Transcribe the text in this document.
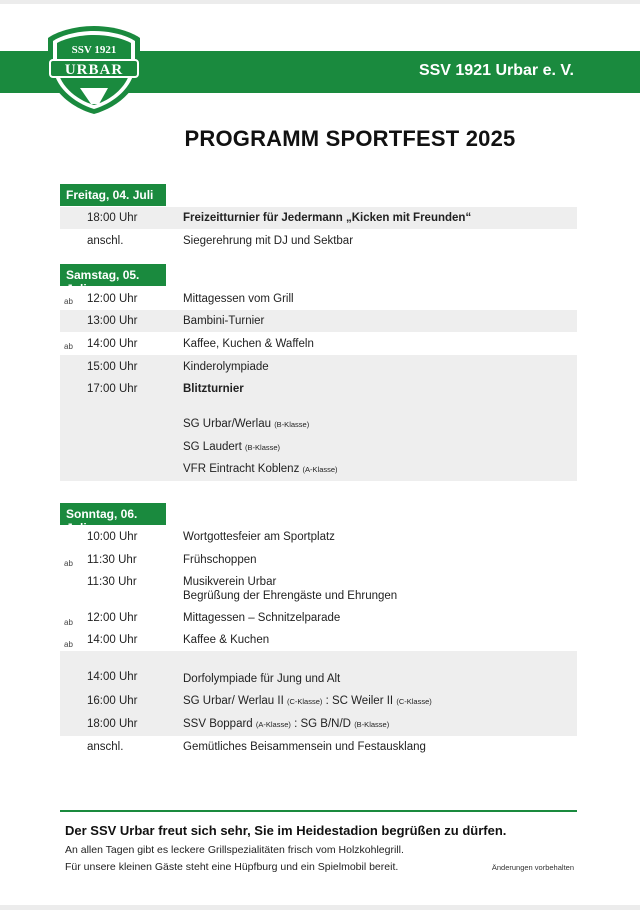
SSV 1921 Urbar e. V.
SSV 1921
URBAR
PROGRAMM SPORTFEST 2025
Freitag, 04. Juli
18:00 Uhr	Freizeitturnier für Jedermann „Kicken mit Freunden“
anschl.	Siegerehrung mit DJ und Sektbar
Samstag, 05. Juli
ab 12:00 Uhr	Mittagessen vom Grill
13:00 Uhr	Bambini-Turnier
ab 14:00 Uhr	Kaffee, Kuchen & Waffeln
15:00 Uhr	Kinderolympiade
17:00 Uhr	Blitzturnier
SG Urbar/Werlau (B-Klasse)
SG Laudert (B-Klasse)
VFR Eintracht Koblenz (A-Klasse)
Sonntag, 06. Juli
10:00 Uhr	Wortgottesfeier am Sportplatz
ab 11:30 Uhr	Frühschoppen
11:30 Uhr	Musikverein Urbar
Begrüßung der Ehrengäste und Ehrungen
ab 12:00 Uhr	Mittagessen – Schnitzelparade
ab 14:00 Uhr	Kaffee & Kuchen
14:00 Uhr	Dorfolympiade für Jung und Alt
16:00 Uhr	SG Urbar/ Werlau II (C-Klasse) : SC Weiler II (C-Klasse)
18:00 Uhr	SSV Boppard (A-Klasse) : SG B/N/D (B-Klasse)
anschl.	Gemütliches Beisammensein und Festausklang
Der SSV Urbar freut sich sehr, Sie im Heidestadion begrüßen zu dürfen.
An allen Tagen gibt es leckere Grillspezialitäten frisch vom Holzkohlegrill.
Für unsere kleinen Gäste steht eine Hüpfburg und ein Spielmobil bereit.	Änderungen vorbehalten
